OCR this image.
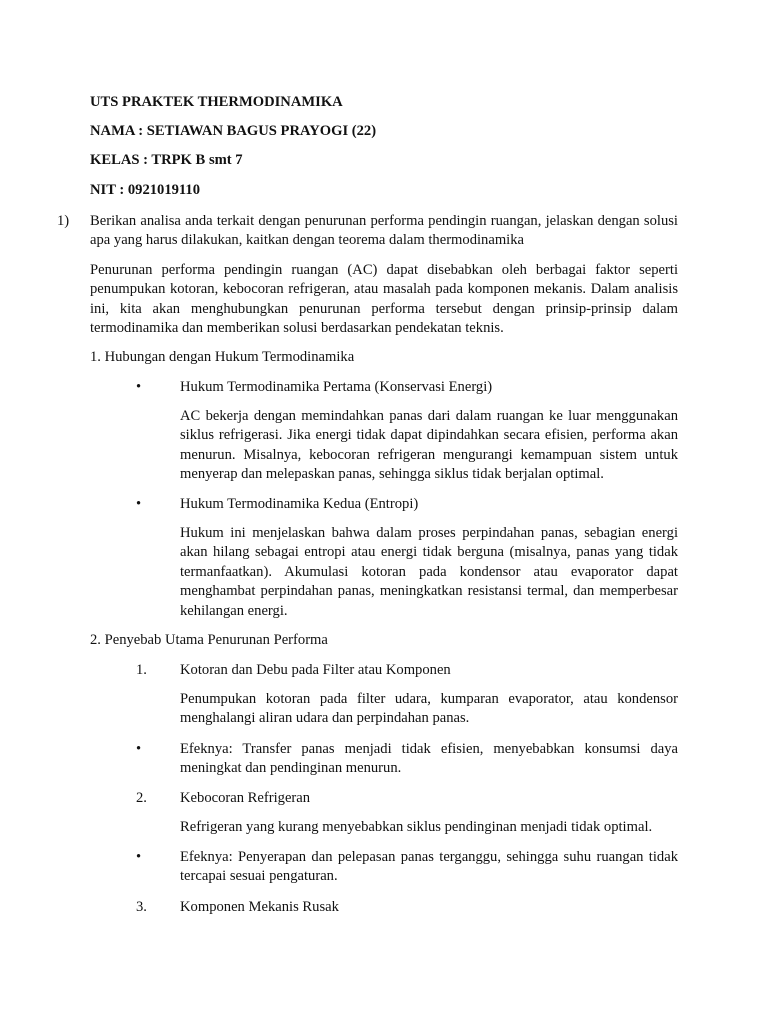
UTS PRAKTEK THERMODINAMIKA
NAMA : SETIAWAN BAGUS PRAYOGI (22)
KELAS : TRPK B smt 7
NIT : 0921019110
1) Berikan analisa anda terkait dengan penurunan performa pendingin ruangan, jelaskan dengan solusi apa yang harus dilakukan, kaitkan dengan teorema dalam thermodinamika
Penurunan performa pendingin ruangan (AC) dapat disebabkan oleh berbagai faktor seperti penumpukan kotoran, kebocoran refrigeran, atau masalah pada komponen mekanis. Dalam analisis ini, kita akan menghubungkan penurunan performa tersebut dengan prinsip-prinsip dalam termodinamika dan memberikan solusi berdasarkan pendekatan teknis.
1. Hubungan dengan Hukum Termodinamika
•	Hukum Termodinamika Pertama (Konservasi Energi)
AC bekerja dengan memindahkan panas dari dalam ruangan ke luar menggunakan siklus refrigerasi. Jika energi tidak dapat dipindahkan secara efisien, performa akan menurun. Misalnya, kebocoran refrigeran mengurangi kemampuan sistem untuk menyerap dan melepaskan panas, sehingga siklus tidak berjalan optimal.
•	Hukum Termodinamika Kedua (Entropi)
Hukum ini menjelaskan bahwa dalam proses perpindahan panas, sebagian energi akan hilang sebagai entropi atau energi tidak berguna (misalnya, panas yang tidak termanfaatkan). Akumulasi kotoran pada kondensor atau evaporator dapat menghambat perpindahan panas, meningkatkan resistansi termal, dan memperbesar kehilangan energi.
2. Penyebab Utama Penurunan Performa
1. Kotoran dan Debu pada Filter atau Komponen
Penumpukan kotoran pada filter udara, kumparan evaporator, atau kondensor menghalangi aliran udara dan perpindahan panas.
•	Efeknya: Transfer panas menjadi tidak efisien, menyebabkan konsumsi daya meningkat dan pendinginan menurun.
2. Kebocoran Refrigeran
Refrigeran yang kurang menyebabkan siklus pendinginan menjadi tidak optimal.
•	Efeknya: Penyerapan dan pelepasan panas terganggu, sehingga suhu ruangan tidak tercapai sesuai pengaturan.
3. Komponen Mekanis Rusak
